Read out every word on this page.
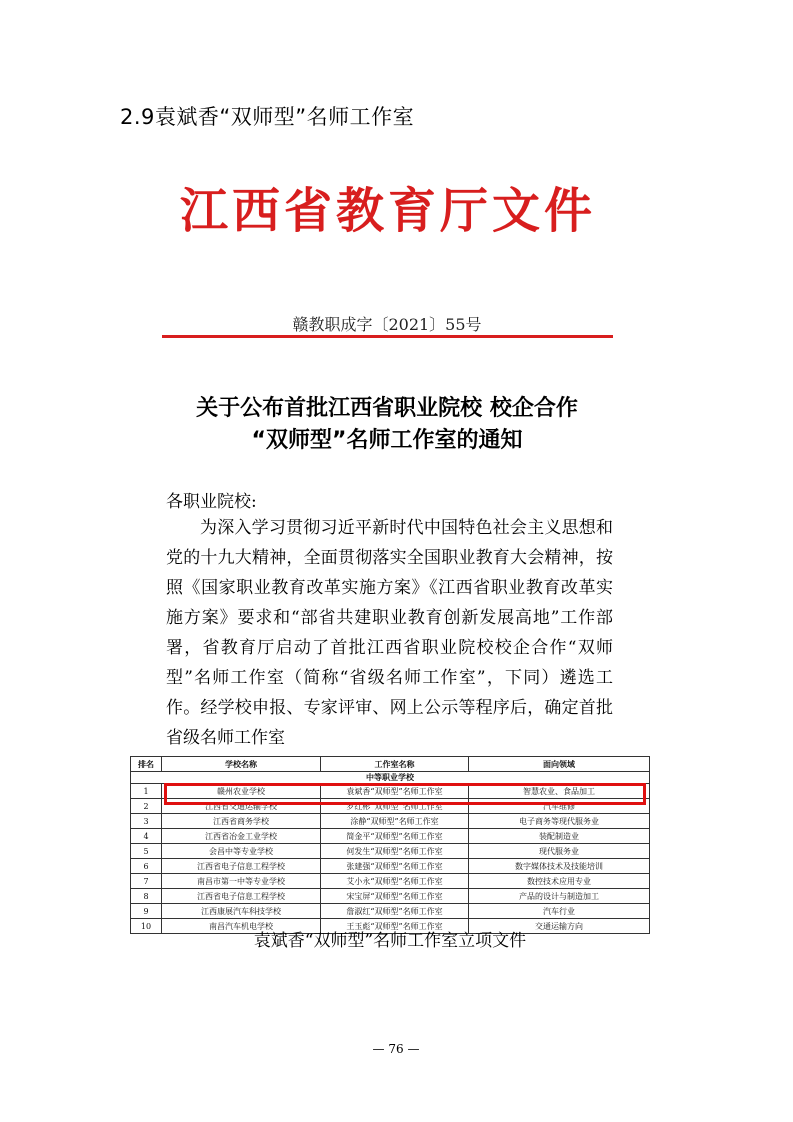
2.9袁斌香“双师型”名师工作室
江西省教育厅文件
赣教职成字〔2021〕55号
关于公布首批江西省职业院校 校企合作
“双师型”名师工作室的通知
各职业院校:
为深入学习贯彻习近平新时代中国特色社会主义思想和党的十九大精神，全面贯彻落实全国职业教育大会精神，按照《国家职业教育改革实施方案》《江西省职业教育改革实施方案》要求和“部省共建职业教育创新发展高地”工作部署，省教育厅启动了首批江西省职业院校校企合作“双师型”名师工作室（简称“省级名师工作室”，下同）遴选工作。经学校申报、专家评审、网上公示等程序后，确定首批省级名师工作室
排名	学校名称	工作室名称	面向领域
中等职业学校			
1	赣州农业学校	袁斌香“双师型”名师工作室	智慧农业、食品加工
2	江西省交通运输学校	罗红彬“双师型”名师工作室	汽车维修
3	江西省商务学校	涂静“双师型”名师工作室	电子商务等现代服务业
4	江西省冶金工业学校	简金平“双师型”名师工作室	装配制造业
5	会昌中等专业学校	何发生“双师型”名师工作室	现代服务业
6	江西省电子信息工程学校	张建强“双师型”名师工作室	数字媒体技术及技能培训
7	南昌市第一中等专业学校	艾小永“双师型”名师工作室	数控技术应用专业
8	江西省电子信息工程学校	宋宝屏“双师型”名师工作室	产品的设计与制造加工
9	江西康展汽车科技学校	詹淑红“双师型”名师工作室	汽车行业
10	南昌汽车机电学校	王玉彪“双师型”名师工作室	交通运输方向
袁斌香“双师型”名师工作室立项文件
— 76 —
